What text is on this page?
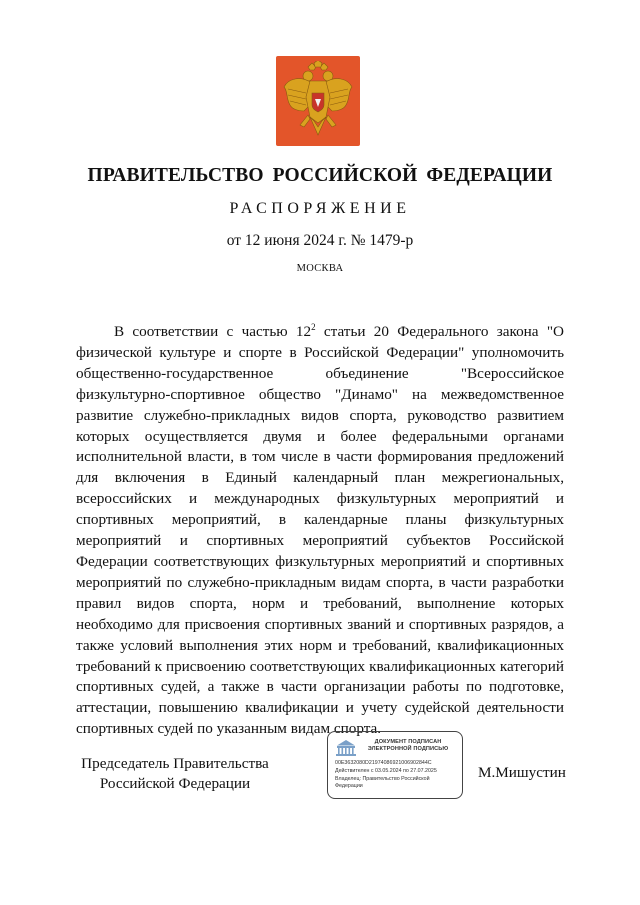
ПРАВИТЕЛЬСТВО РОССИЙСКОЙ ФЕДЕРАЦИИ
РАСПОРЯЖЕНИЕ
от 12 июня 2024 г. № 1479-р
МОСКВА

В соответствии с частью $12^2$ статьи 20 Федерального закона "О физической культуре и спорте в Российской Федерации" уполномочить общественно-государственное объединение "Всероссийское физкультурно-спортивное общество "Динамо" на межведомственное развитие служебно-прикладных видов спорта, руководство развитием которых осуществляется двумя и более федеральными органами исполнительной власти, в том числе в части формирования предложений для включения в Единый календарный план межрегиональных, всероссийских и международных физкультурных мероприятий и спортивных мероприятий, в календарные планы физкультурных мероприятий и спортивных мероприятий субъектов Российской Федерации соответствующих физкультурных мероприятий и спортивных мероприятий по служебно-прикладным видам спорта, в части разработки правил видов спорта, норм и требований, выполнение которых необходимо для присвоения спортивных званий и спортивных разрядов, а также условий выполнения этих норм и требований, квалификационных требований к присвоению соответствующих квалификационных категорий спортивных судей, а также в части организации работы по подготовке, аттестации, повышению квалификации и учету судейской деятельности спортивных судей по указанным видам спорта.

Председатель Правительства
Российской Федерации
ДОКУМЕНТ ПОДПИСАН
ЭЛЕКТРОННОЙ ПОДПИСЬЮ
00E3632080D21974086921006902844C
Действителен с 03.05.2024 по 27.07.2025
Владелец: Правительство Российской
Федерации
М.Мишустин
